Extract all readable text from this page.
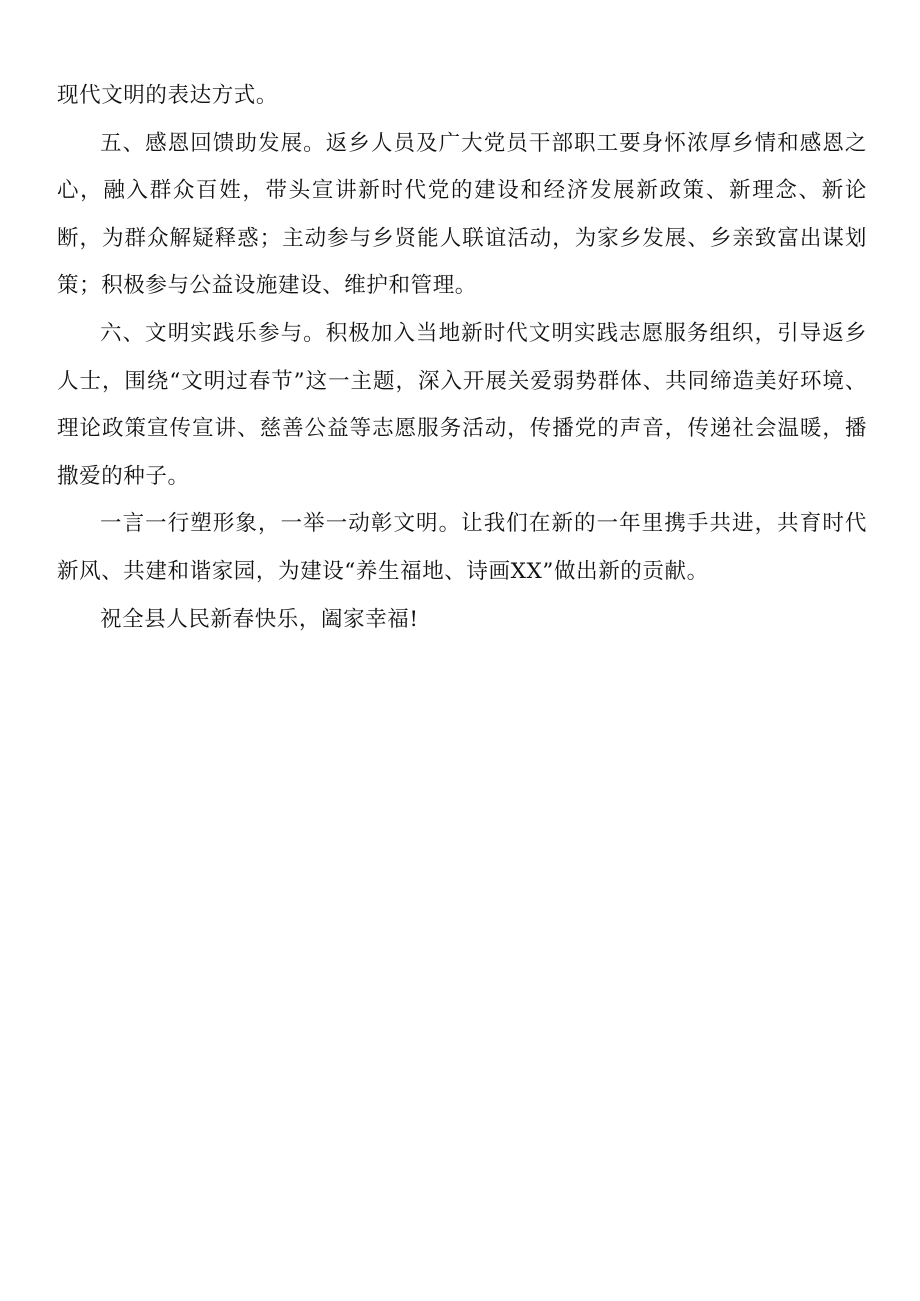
现代文明的表达方式。

五、感恩回馈助发展。返乡人员及广大党员干部职工要身怀浓厚乡情和感恩之心，融入群众百姓，带头宣讲新时代党的建设和经济发展新政策、新理念、新论断，为群众解疑释惑；主动参与乡贤能人联谊活动，为家乡发展、乡亲致富出谋划策；积极参与公益设施建设、维护和管理。

六、文明实践乐参与。积极加入当地新时代文明实践志愿服务组织，引导返乡人士，围绕“文明过春节”这一主题，深入开展关爱弱势群体、共同缔造美好环境、理论政策宣传宣讲、慈善公益等志愿服务活动，传播党的声音，传递社会温暖，播撒爱的种子。

一言一行塑形象，一举一动彰文明。让我们在新的一年里携手共进，共育时代新风、共建和谐家园，为建设“养生福地、诗画XX”做出新的贡献。

祝全县人民新春快乐，阖家幸福!
